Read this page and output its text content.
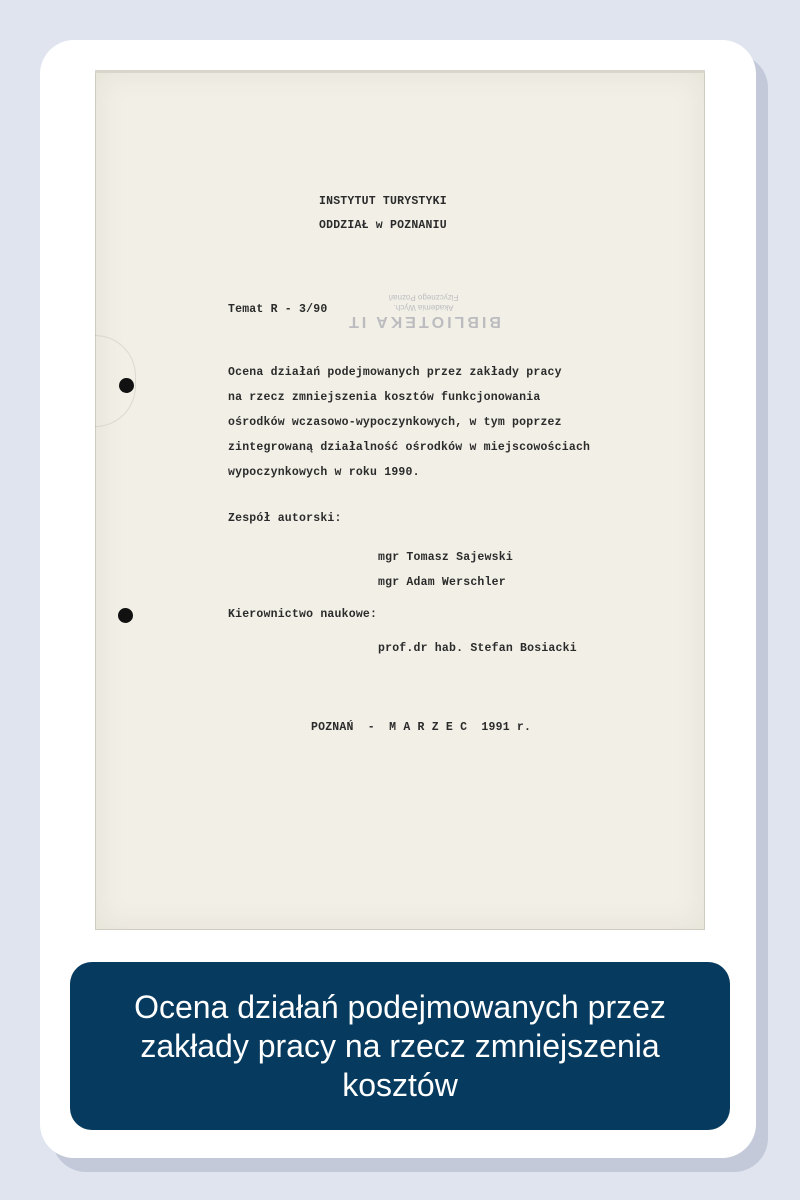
BIBLIOTEKA IT
Akademia Wych.
Fizycznego Poznań
INSTYTUT TURYSTYKI
ODDZIAŁ w POZNANIU
Temat R - 3/90
Ocena działań podejmowanych przez zakłady pracy
na rzecz zmniejszenia kosztów funkcjonowania
ośrodków wczasowo-wypoczynkowych, w tym poprzez
zintegrowaną działalność ośrodków w miejscowościach
wypoczynkowych w roku 1990.
Zespół autorski:
mgr Tomasz Sajewski
mgr Adam Werschler
Kierownictwo naukowe:
prof.dr hab. Stefan Bosiacki
POZNAŃ  -  M A R Z E C  1991 r.
Ocena działań podejmowanych przez zakłady pracy na rzecz zmniejszenia kosztów
